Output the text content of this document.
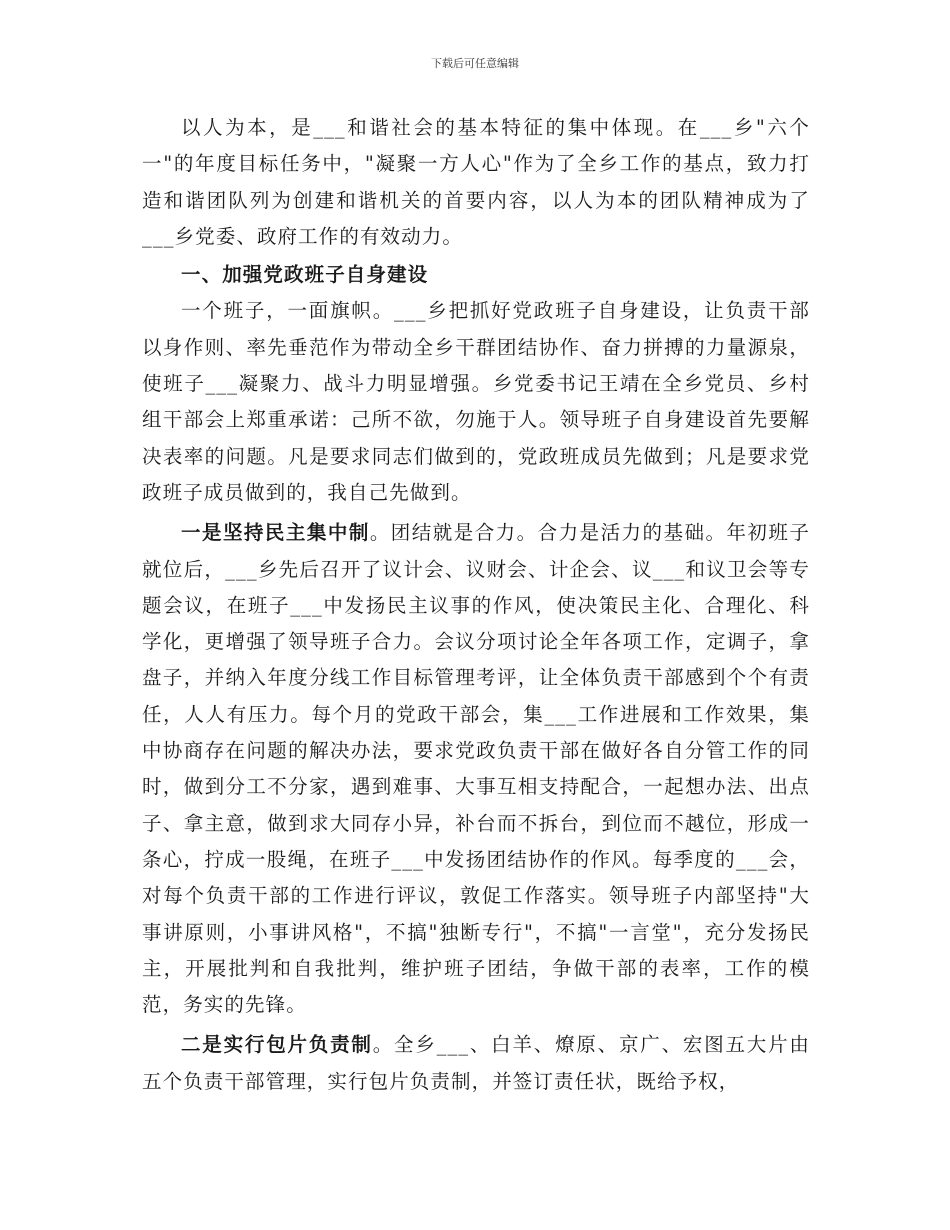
下载后可任意编辑

以人为本，是___和谐社会的基本特征的集中体现。在___乡"六个一"的年度目标任务中，"凝聚一方人心"作为了全乡工作的基点，致力打造和谐团队列为创建和谐机关的首要内容，以人为本的团队精神成为了___乡党委、政府工作的有效动力。

一、加强党政班子自身建设

一个班子，一面旗帜。___乡把抓好党政班子自身建设，让负责干部以身作则、率先垂范作为带动全乡干群团结协作、奋力拼搏的力量源泉，使班子___凝聚力、战斗力明显增强。乡党委书记王靖在全乡党员、乡村组干部会上郑重承诺：己所不欲，勿施于人。领导班子自身建设首先要解决表率的问题。凡是要求同志们做到的，党政班成员先做到；凡是要求党政班子成员做到的，我自己先做到。

一是坚持民主集中制。团结就是合力。合力是活力的基础。年初班子就位后，___乡先后召开了议计会、议财会、计企会、议___和议卫会等专题会议，在班子___中发扬民主议事的作风，使决策民主化、合理化、科学化，更增强了领导班子合力。会议分项讨论全年各项工作，定调子，拿盘子，并纳入年度分线工作目标管理考评，让全体负责干部感到个个有责任，人人有压力。每个月的党政干部会，集___工作进展和工作效果，集中协商存在问题的解决办法，要求党政负责干部在做好各自分管工作的同时，做到分工不分家，遇到难事、大事互相支持配合，一起想办法、出点子、拿主意，做到求大同存小异，补台而不拆台，到位而不越位，形成一条心，拧成一股绳，在班子___中发扬团结协作的作风。每季度的___会，对每个负责干部的工作进行评议，敦促工作落实。领导班子内部坚持"大事讲原则，小事讲风格"，不搞"独断专行"，不搞"一言堂"，充分发扬民主，开展批判和自我批判，维护班子团结，争做干部的表率，工作的模范，务实的先锋。

二是实行包片负责制。全乡___、白羊、燎原、京广、宏图五大片由五个负责干部管理，实行包片负责制，并签订责任状，既给予权，
